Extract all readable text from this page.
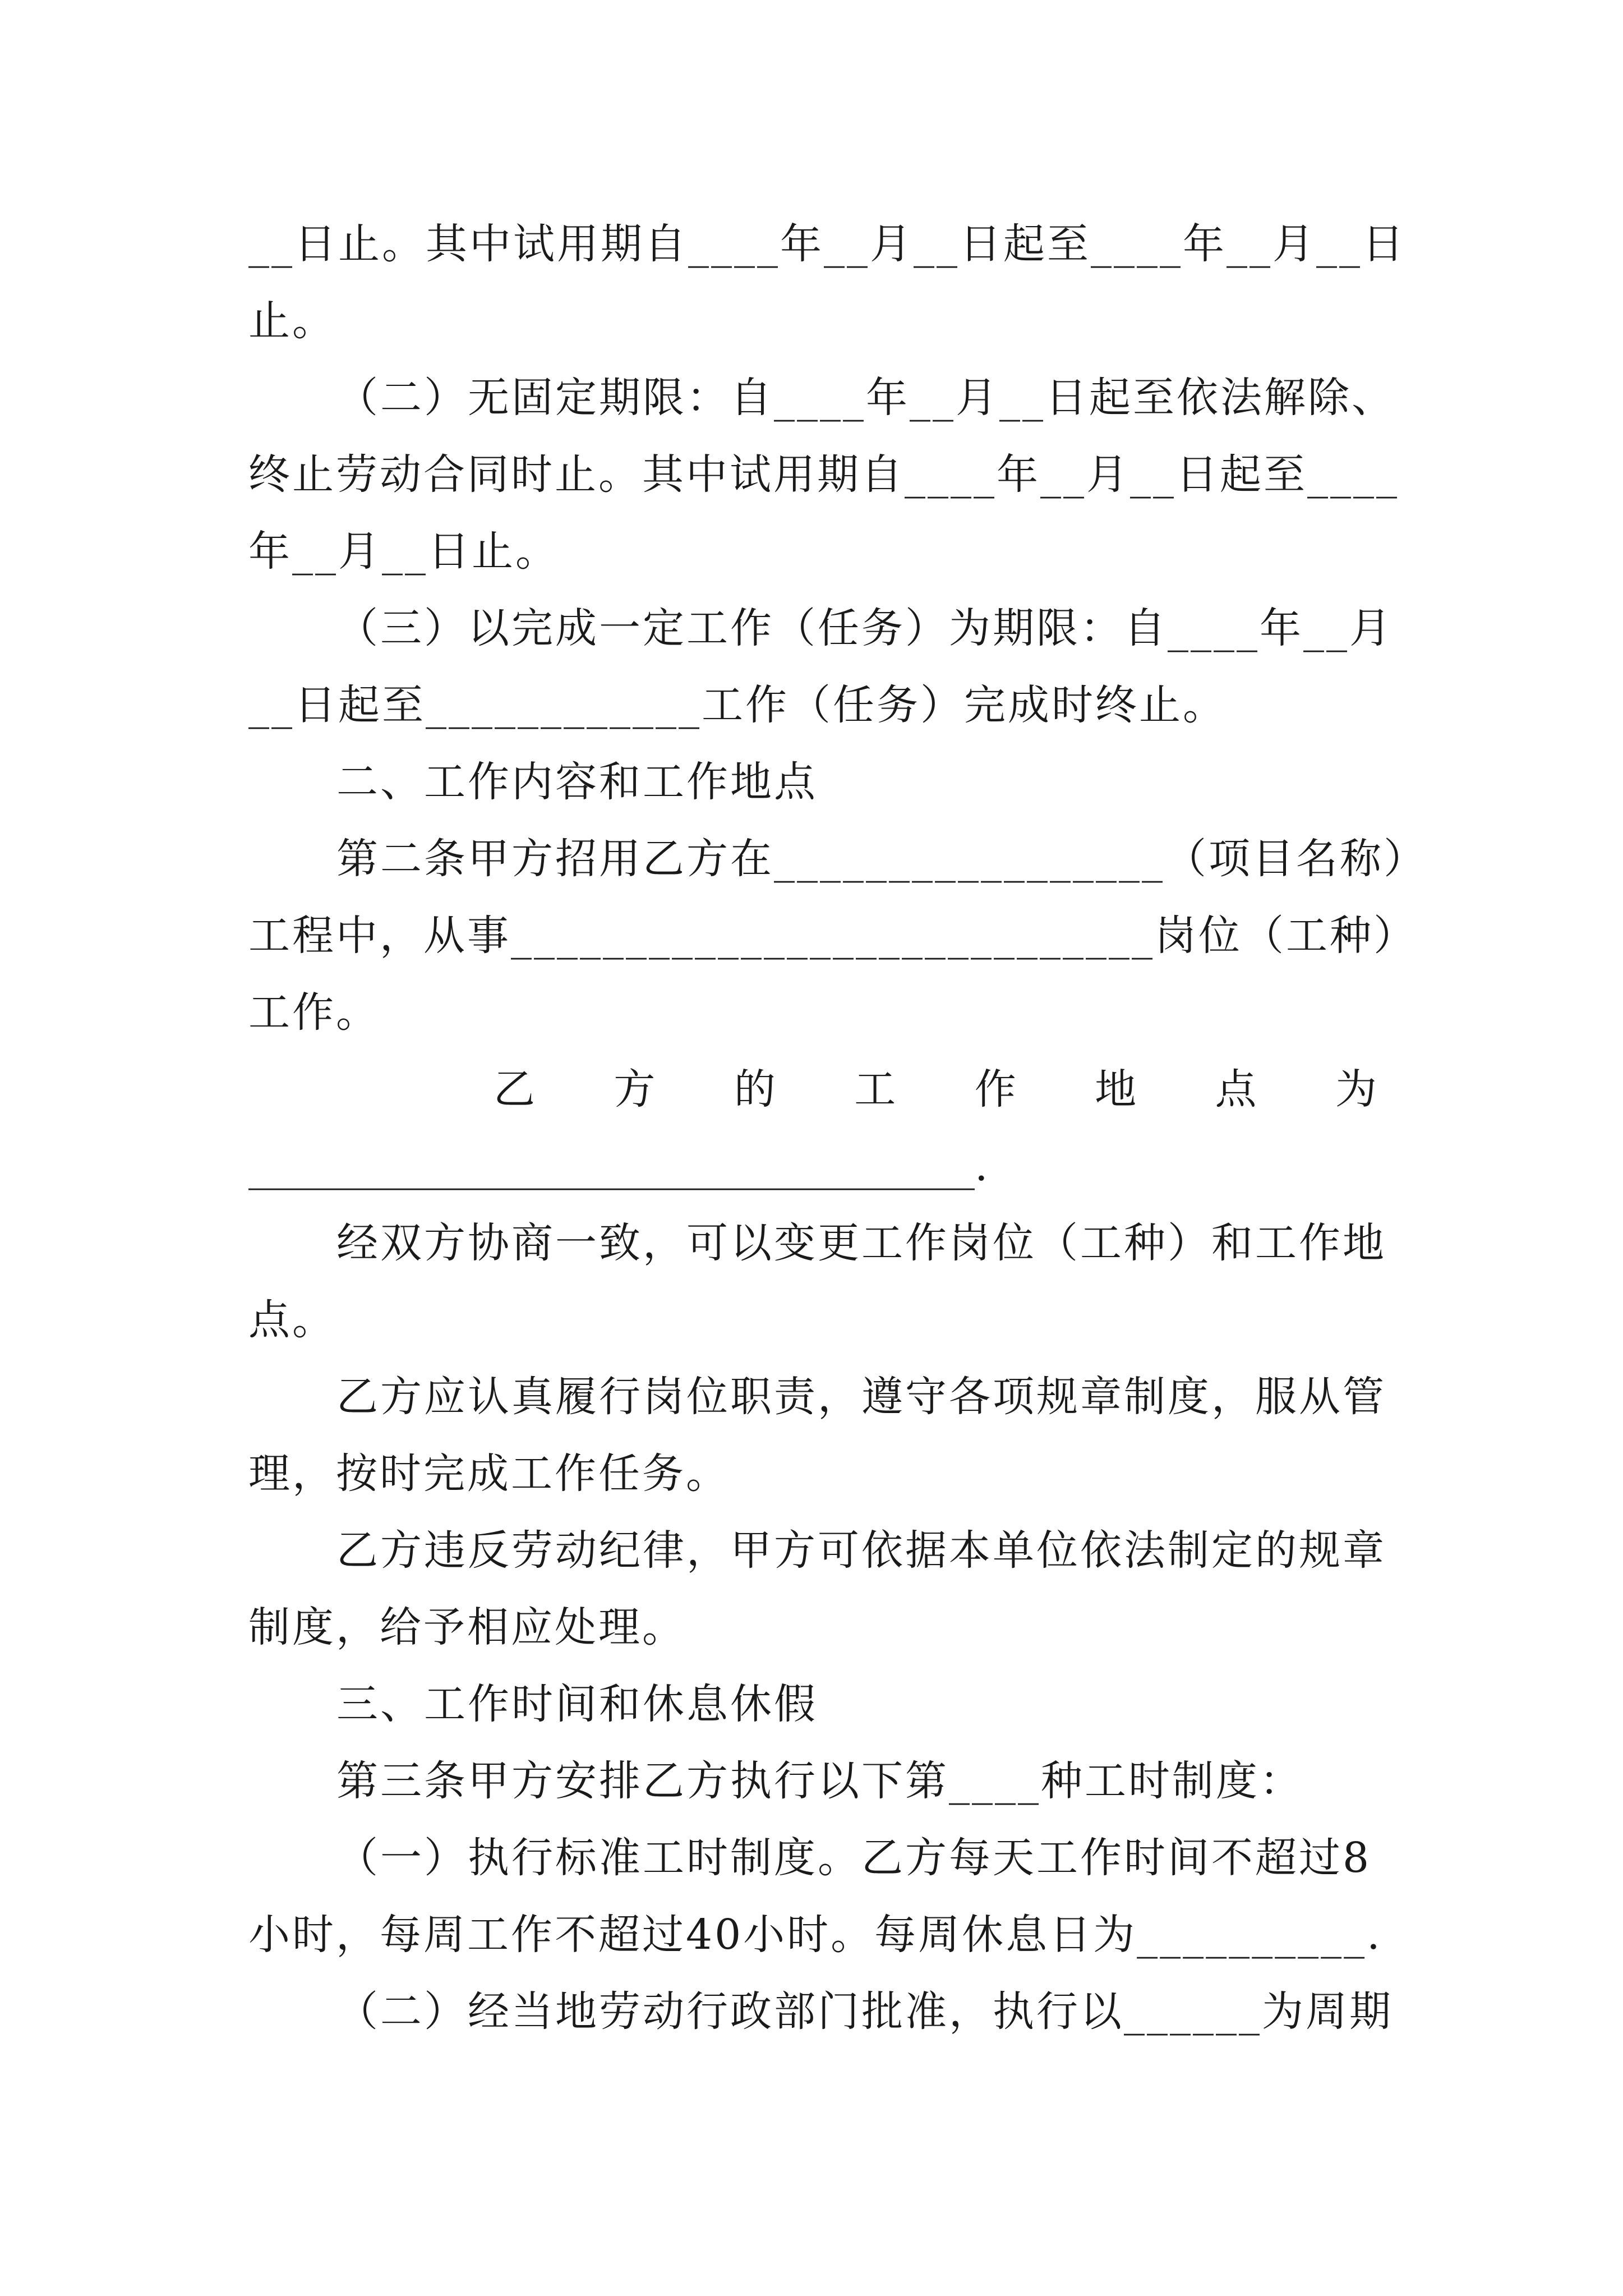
__日止。其中试用期自____年__月__日起至____年__月__日
止。
（二）无固定期限：自____年__月__日起至依法解除、
终止劳动合同时止。其中试用期自____年__月__日起至____
年__月__日止。
（三）以完成一定工作（任务）为期限：自____年__月
__日起至____________工作（任务）完成时终止。
二、工作内容和工作地点
第二条甲方招用乙方在_________________（项目名称）
工程中，从事____________________________岗位（工种）
工作。
乙 方 的 工 作 地 点 为
___________________________________.
经双方协商一致，可以变更工作岗位（工种）和工作地
点。
乙方应认真履行岗位职责，遵守各项规章制度，服从管
理，按时完成工作任务。
乙方违反劳动纪律，甲方可依据本单位依法制定的规章
制度，给予相应处理。
三、工作时间和休息休假
第三条甲方安排乙方执行以下第____种工时制度：
（一）执行标准工时制度。乙方每天工作时间不超过8
小时，每周工作不超过40小时。每周休息日为__________.
（二）经当地劳动行政部门批准，执行以______为周期
